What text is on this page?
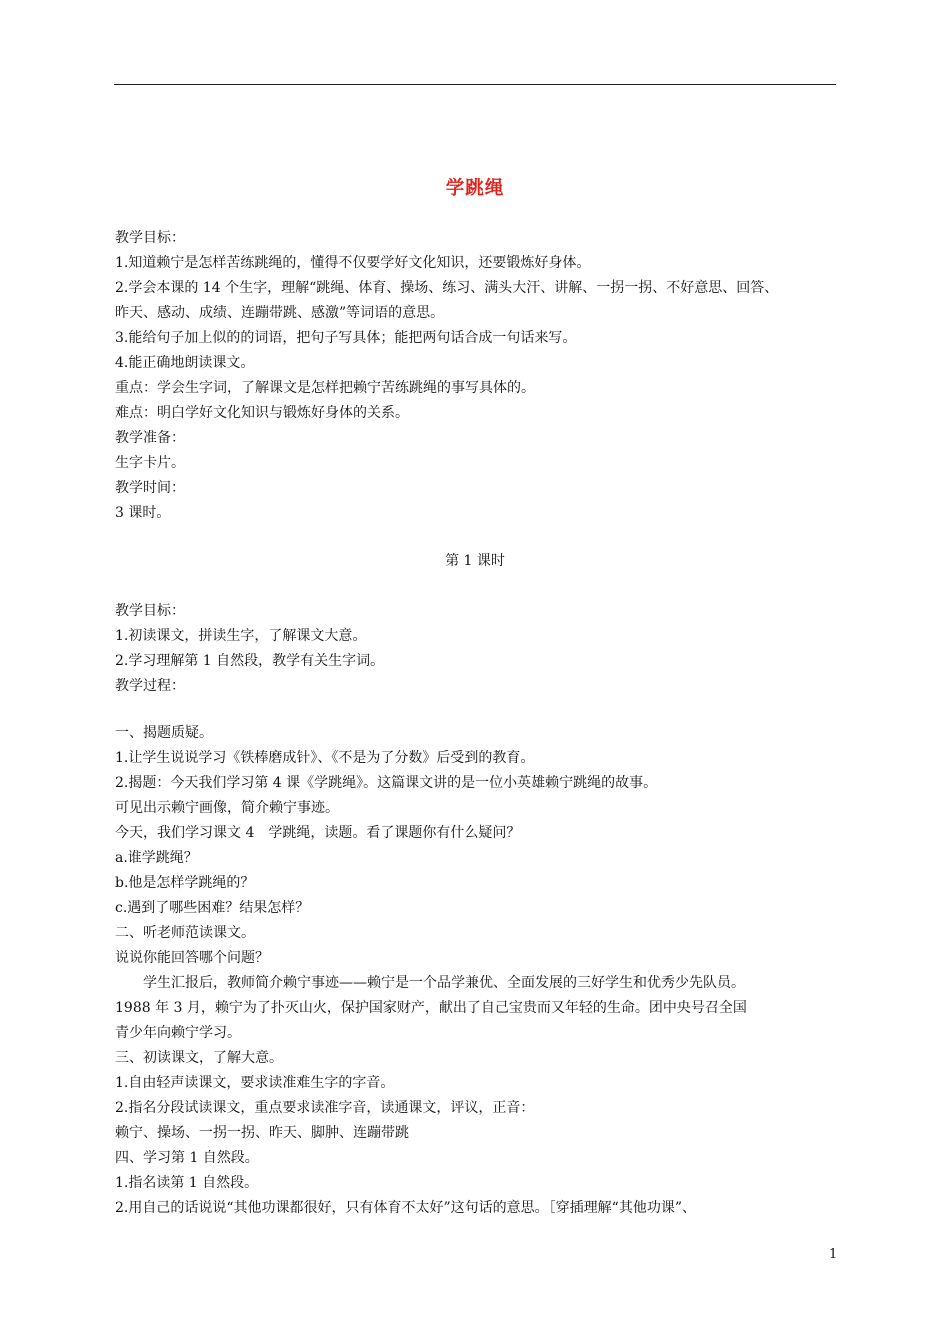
学跳绳
教学目标：
1.知道赖宁是怎样苦练跳绳的，懂得不仅要学好文化知识，还要锻炼好身体。
2.学会本课的 14 个生字，理解“跳绳、体育、操场、练习、满头大汗、讲解、一拐一拐、不好意思、回答、
昨天、感动、成绩、连蹦带跳、感激”等词语的意思。
3.能给句子加上似的的词语，把句子写具体；能把两句话合成一句话来写。
4.能正确地朗读课文。
重点：学会生字词，了解课文是怎样把赖宁苦练跳绳的事写具体的。
难点：明白学好文化知识与锻炼好身体的关系。
教学准备：
生字卡片。
教学时间：
3 课时。
第 1 课时
教学目标：
1.初读课文，拼读生字，了解课文大意。
2.学习理解第 1 自然段，教学有关生字词。
教学过程：
一、揭题质疑。
1.让学生说说学习《铁棒磨成针》、《不是为了分数》后受到的教育。
2.揭题：今天我们学习第 4 课《学跳绳》。这篇课文讲的是一位小英雄赖宁跳绳的故事。
可见出示赖宁画像，简介赖宁事迹。
今天，我们学习课文 4　学跳绳，读题。看了课题你有什么疑问？
a.谁学跳绳？
b.他是怎样学跳绳的？
c.遇到了哪些困难？结果怎样？
二、听老师范读课文。
说说你能回答哪个问题？
学生汇报后，教师简介赖宁事迹——赖宁是一个品学兼优、全面发展的三好学生和优秀少先队员。
1988 年 3 月，赖宁为了扑灭山火，保护国家财产，献出了自己宝贵而又年轻的生命。团中央号召全国
青少年向赖宁学习。
三、初读课文，了解大意。
1.自由轻声读课文，要求读准难生字的字音。
2.指名分段试读课文，重点要求读准字音，读通课文，评议，正音：
赖宁、操场、一拐一拐、昨天、脚肿、连蹦带跳
四、学习第 1 自然段。
1.指名读第 1 自然段。
2.用自己的话说说“其他功课都很好，只有体育不太好”这句话的意思。［穿插理解“其他功课”、
1
